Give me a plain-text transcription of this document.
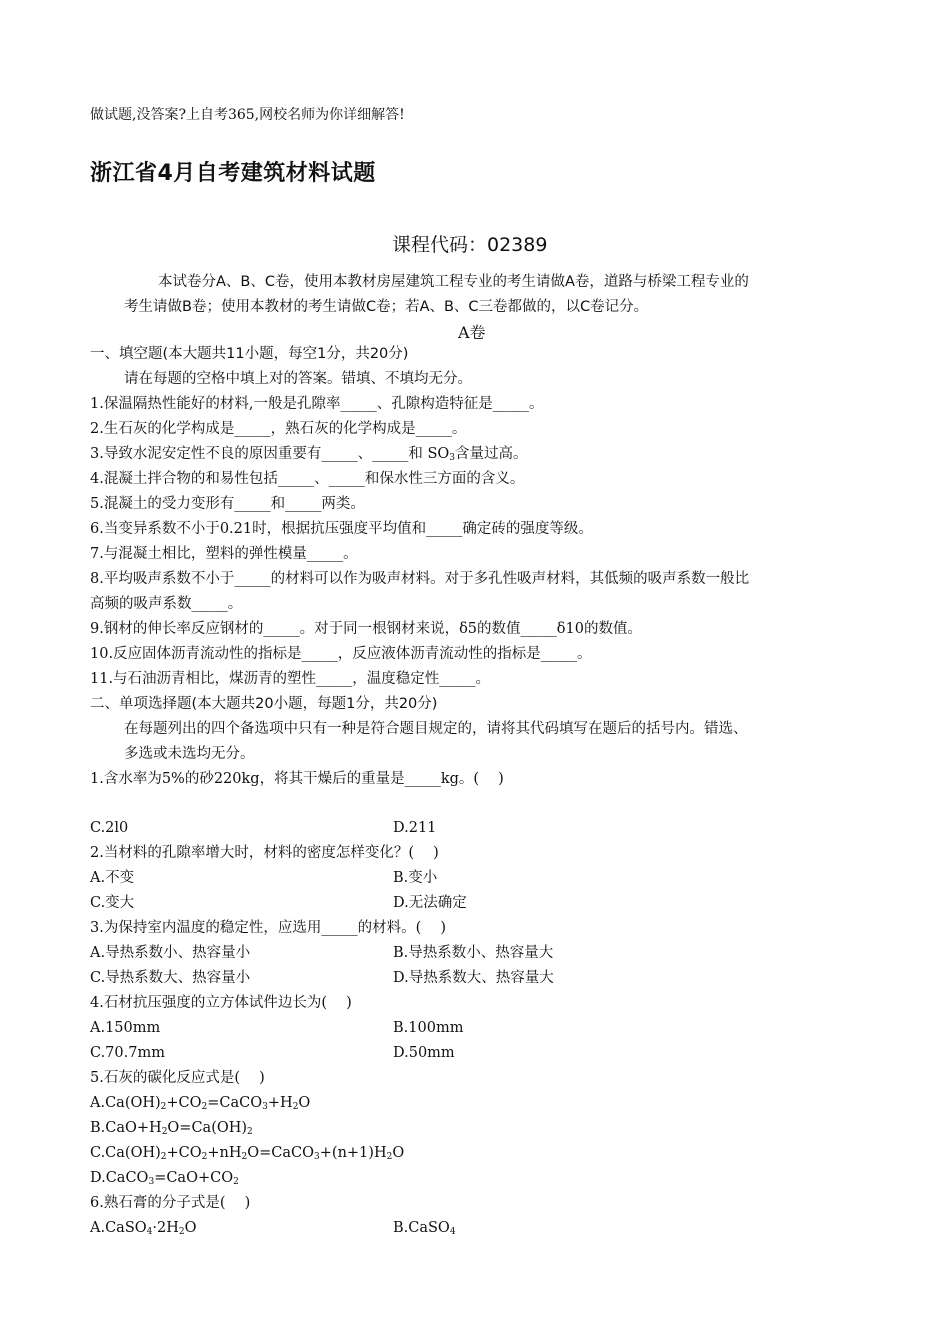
做试题,没答案?上自考365,网校名师为你详细解答!
浙江省4月自考建筑材料试题
课程代码：02389
本试卷分A、B、C卷，使用本教材房屋建筑工程专业的考生请做A卷，道路与桥梁工程专业的
考生请做B卷；使用本教材的考生请做C卷；若A、B、C三卷都做的，以C卷记分。
A卷
一、填空题(本大题共11小题，每空1分，共20分)
请在每题的空格中填上对的答案。错填、不填均无分。
1.保温隔热性能好的材料,一般是孔隙率_____、孔隙构造特征是_____。
2.生石灰的化学构成是_____，熟石灰的化学构成是_____。
3.导致水泥安定性不良的原因重要有_____、_____和 $SO_3$含量过高。
4.混凝土拌合物的和易性包括_____、_____和保水性三方面的含义。
5.混凝土的受力变形有_____和_____两类。
6.当变异系数不小于0.21时，根据抗压强度平均值和_____确定砖的强度等级。
7.与混凝土相比，塑料的弹性模量_____。
8.平均吸声系数不小于_____的材料可以作为吸声材料。对于多孔性吸声材料，其低频的吸声系数一般比
高频的吸声系数_____。
9.钢材的伸长率反应钢材的_____。对于同一根钢材来说，δ5的数值_____δ10的数值。
10.反应固体沥青流动性的指标是_____，反应液体沥青流动性的指标是_____。
11.与石油沥青相比，煤沥青的塑性_____，温度稳定性_____。
二、单项选择题(本大题共20小题，每题1分，共20分)
在每题列出的四个备选项中只有一种是符合题目规定的，请将其代码填写在题后的括号内。错选、
多选或未选均无分。
1.含水率为5%的砂220kg，将其干燥后的重量是_____kg。(　 )
C.2l0	D.211
2.当材料的孔隙率增大时，材料的密度怎样变化？(　 )
A.不变	B.变小
C.变大	D.无法确定
3.为保持室内温度的稳定性，应选用_____的材料。(　 )
A.导热系数小、热容量小	B.导热系数小、热容量大
C.导热系数大、热容量小	D.导热系数大、热容量大
4.石材抗压强度的立方体试件边长为(　 )
A.150mm	B.100mm
C.70.7mm	D.50mm
5.石灰的碳化反应式是(　 )
$A.Ca(OH)_2+CO_2=CaCO_3+H_2O$
$B.CaO+H_2O=Ca(OH)_2$
$C.Ca(OH)_2+CO_2+nH_2O=CaCO_3+(n+1)H_2O$
$D.CaCO_3=CaO+CO_2$
6.熟石膏的分子式是(　 )
$A.CaSO_4\cdot 2H_2O$	B.CaSO$_4$
